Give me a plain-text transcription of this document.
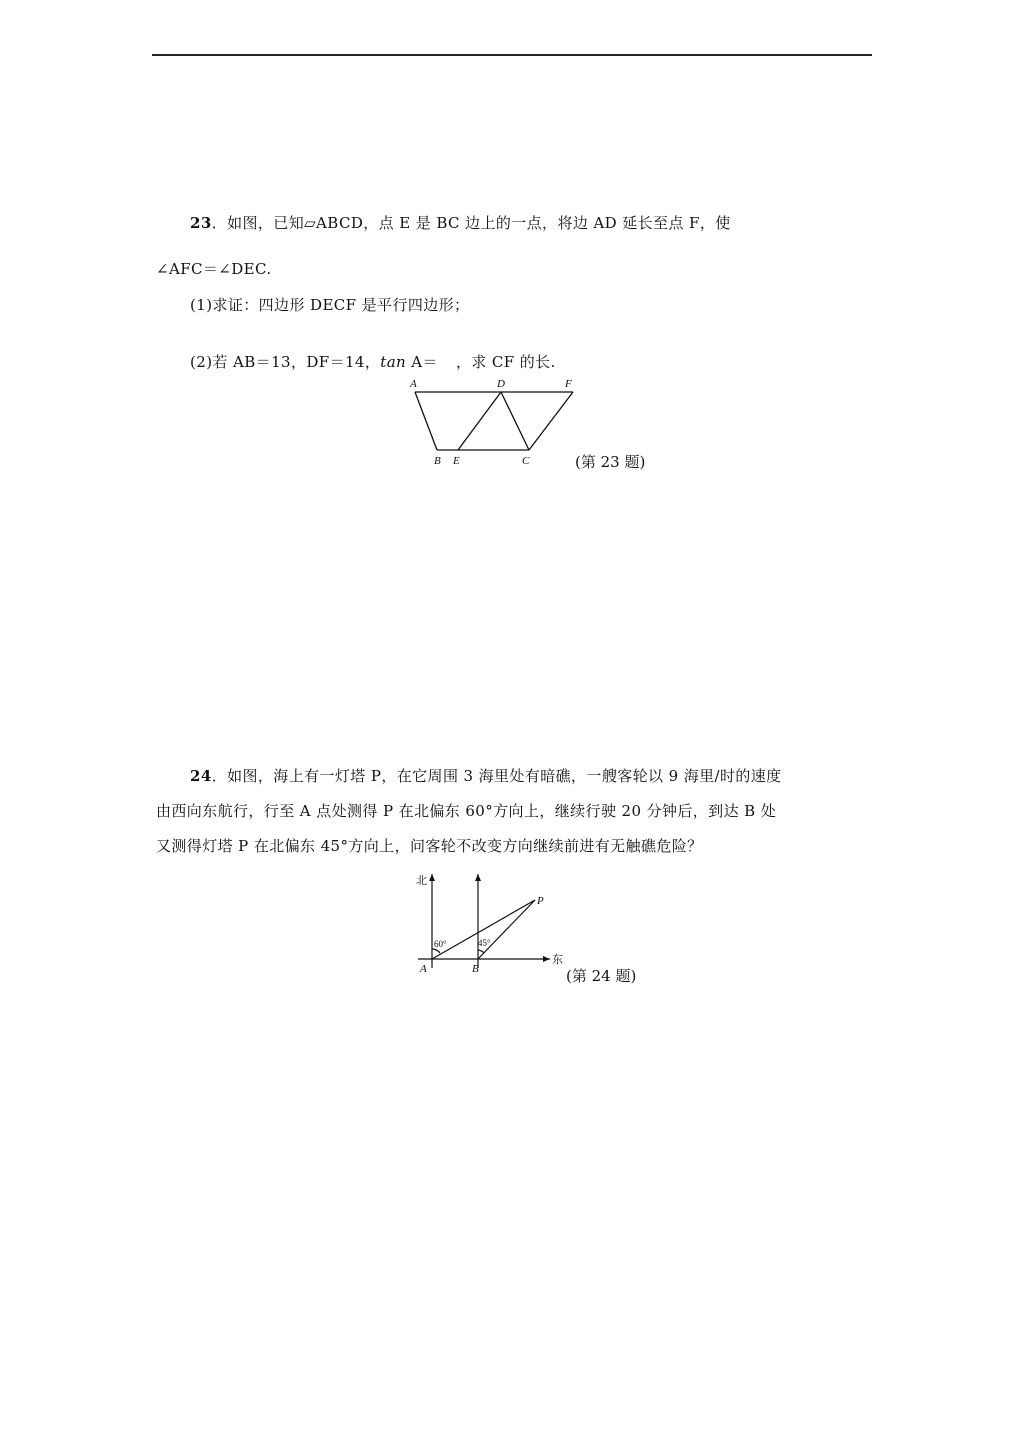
23．如图，已知▱ABCD，点 E 是 BC 边上的一点，将边 AD 延长至点 F，使
∠AFC＝∠DEC.
(1)求证：四边形 DECF 是平行四边形；
(2)若 AB＝13，DF＝14，tan A＝ ，求 CF 的长.
A	D	F
B E	C	(第 23 题)
24．如图，海上有一灯塔 P，在它周围 3 海里处有暗礁，一艘客轮以 9 海里/时的速度
由西向东航行，行至 A 点处测得 P 在北偏东 60°方向上，继续行驶 20 分钟后，到达 B 处
又测得灯塔 P 在北偏东 45°方向上，问客轮不改变方向继续前进有无触礁危险？
北
东
P
A	B
60°	45°
(第 24 题)
